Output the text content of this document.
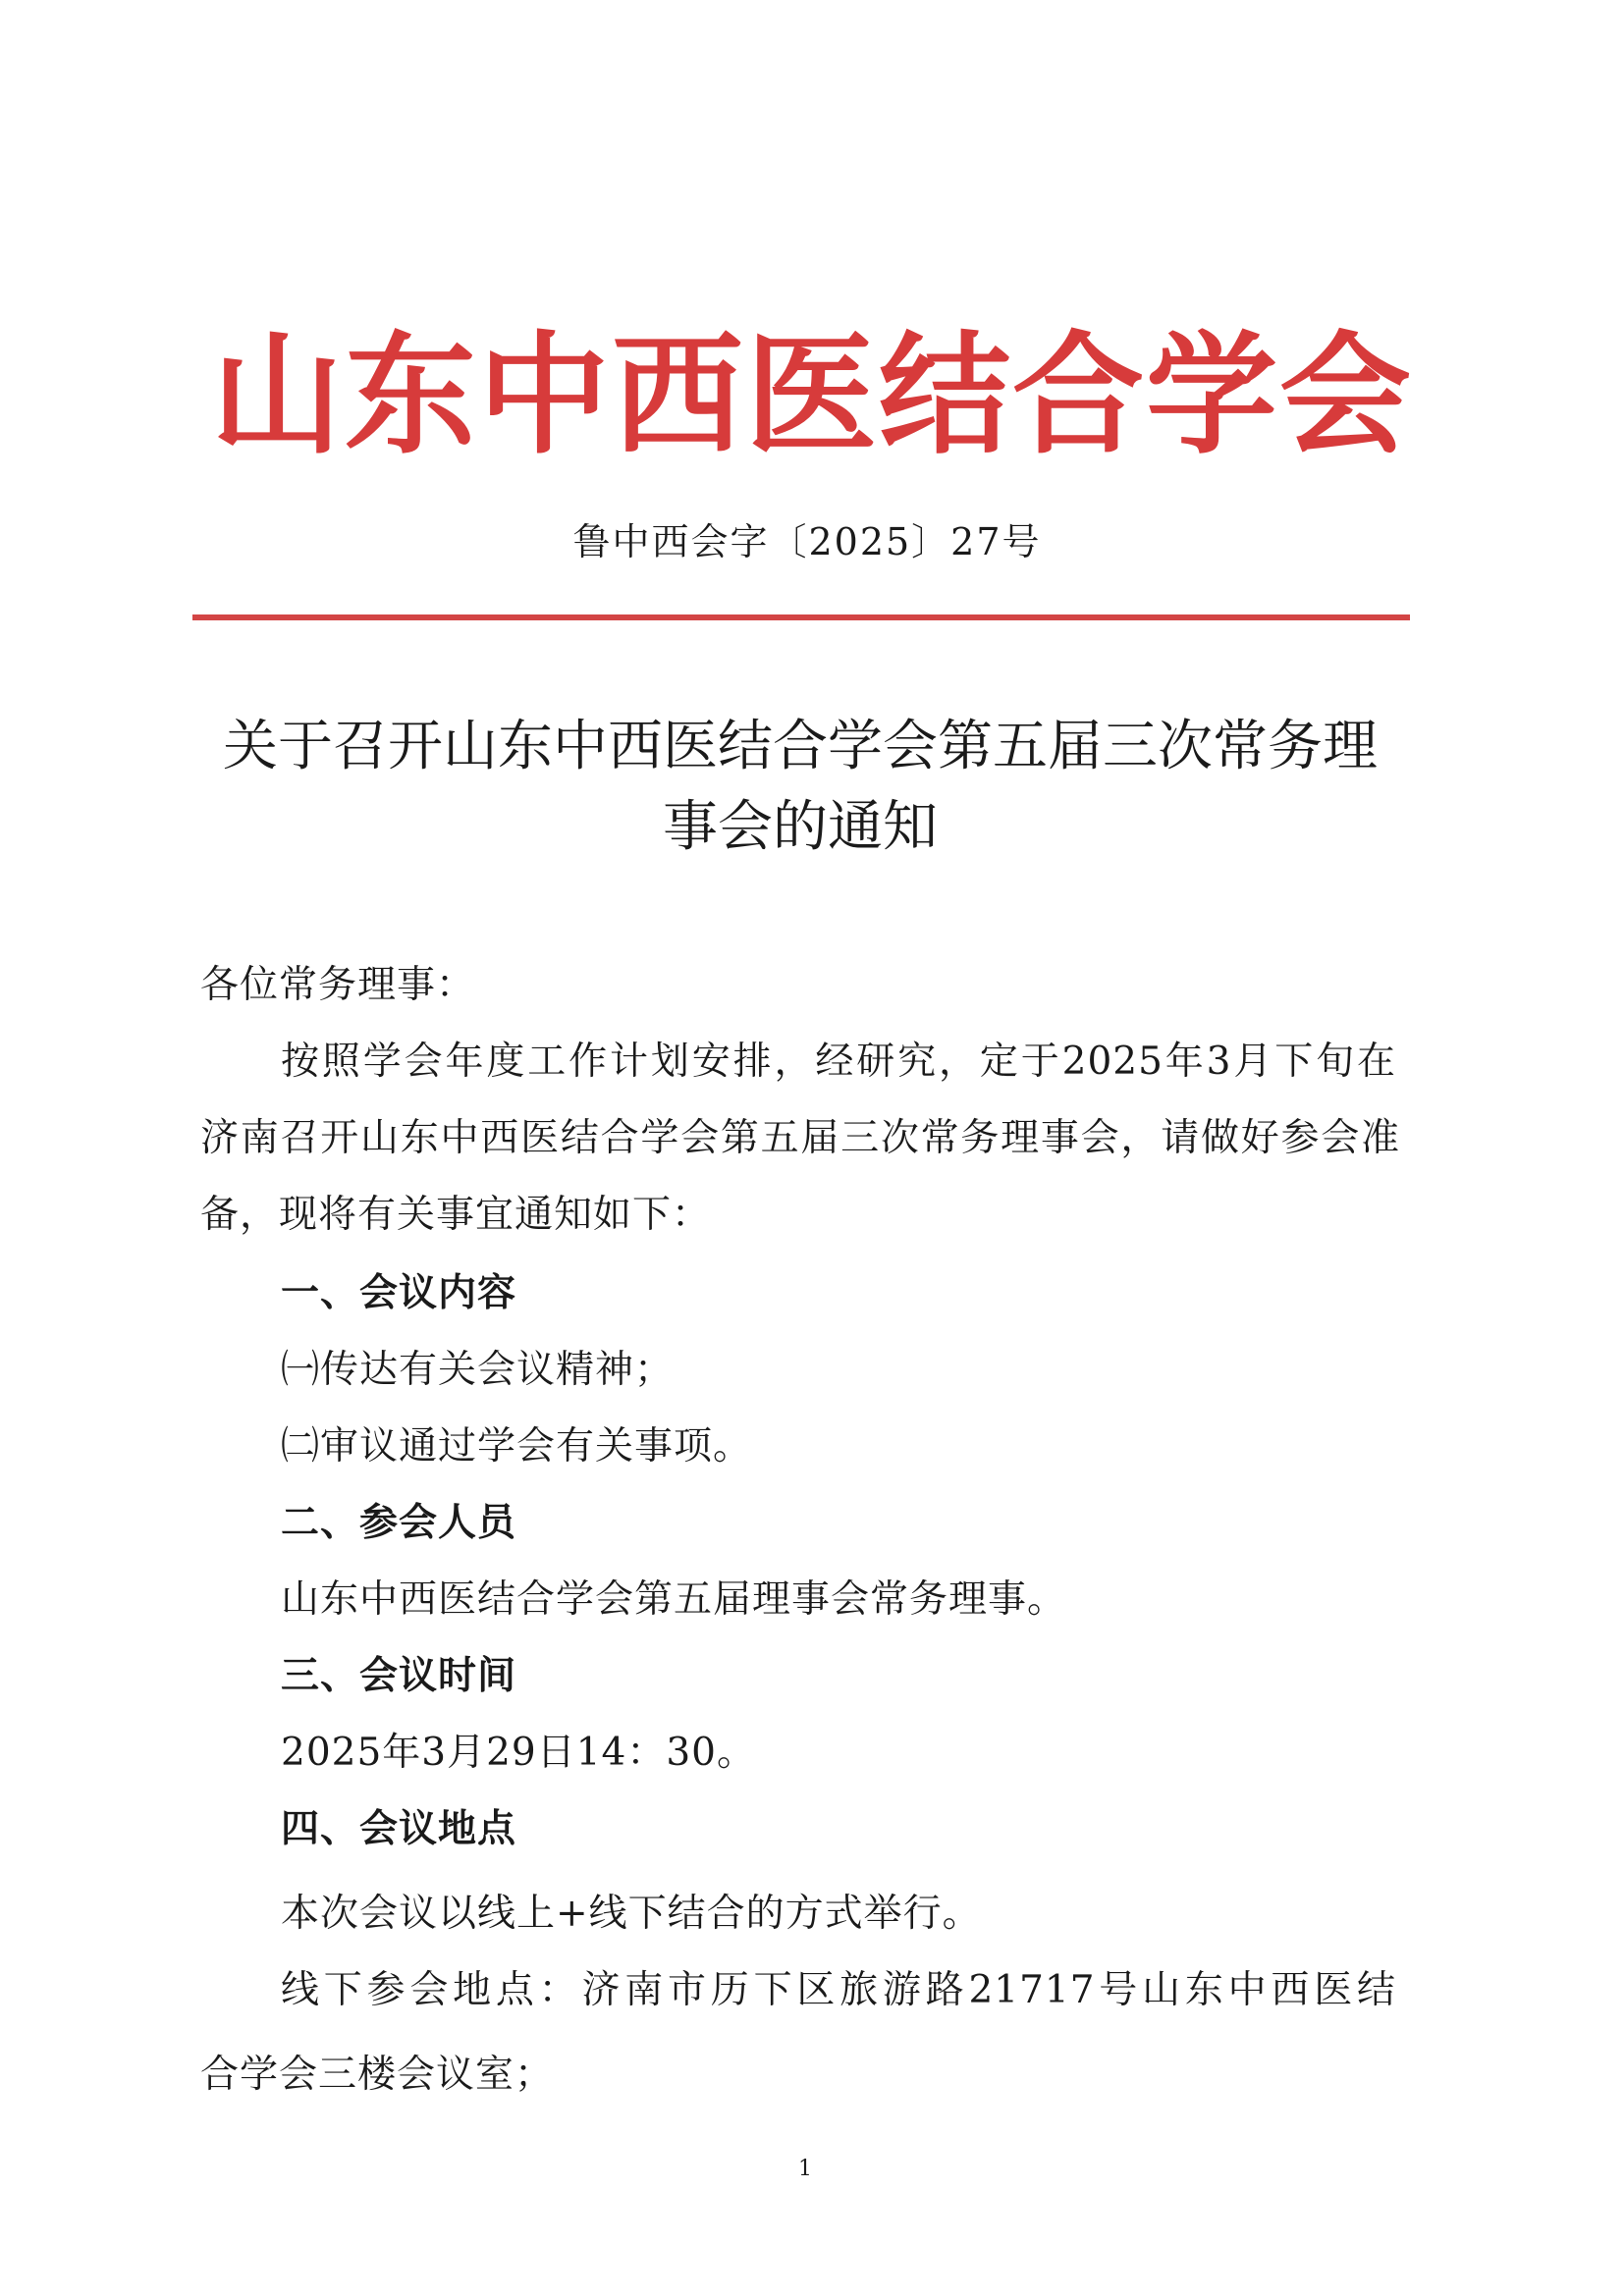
山东中西医结合学会
鲁中西会字〔2025〕27号
关于召开山东中西医结合学会第五届三次常务理
事会的通知
各位常务理事：
按照学会年度工作计划安排，经研究，定于2025年3月下旬在
济南召开山东中西医结合学会第五届三次常务理事会，请做好参会准
备，现将有关事宜通知如下：
一、会议内容
㈠传达有关会议精神；
㈡审议通过学会有关事项。
二、参会人员
山东中西医结合学会第五届理事会常务理事。
三、会议时间
2025年3月29日14：30。
四、会议地点
本次会议以线上+线下结合的方式举行。
线下参会地点：济南市历下区旅游路21717号山东中西医结
合学会三楼会议室；
1
